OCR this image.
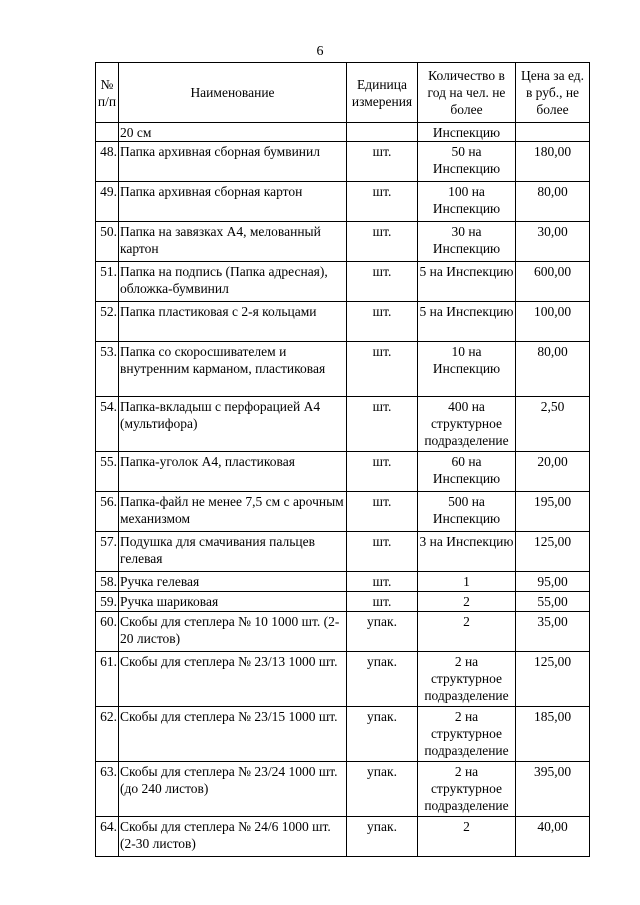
6
№ п/п	Наименование	Единица измерения	Количество в год на чел. не более	Цена за ед. в руб., не более
	20 см		Инспекцию	
48.	Папка архивная сборная бумвинил	шт.	50 на Инспекцию	180,00
49.	Папка архивная сборная картон	шт.	100 на Инспекцию	80,00
50.	Папка на завязках А4, мелованный картон	шт.	30 на Инспекцию	30,00
51.	Папка на подпись (Папка адресная), обложка-бумвинил	шт.	5 на Инспекцию	600,00
52.	Папка пластиковая с 2-я кольцами	шт.	5 на Инспекцию	100,00
53.	Папка со скоросшивателем и внутренним карманом, пластиковая	шт.	10 на Инспекцию	80,00
54.	Папка-вкладыш с перфорацией А4 (мультифора)	шт.	400 на структурное подразделение	2,50
55.	Папка-уголок А4, пластиковая	шт.	60 на Инспекцию	20,00
56.	Папка-файл не менее 7,5 см с арочным механизмом	шт.	500 на Инспекцию	195,00
57.	Подушка для смачивания пальцев гелевая	шт.	3 на Инспекцию	125,00
58.	Ручка гелевая	шт.	1	95,00
59.	Ручка шариковая	шт.	2	55,00
60.	Скобы для степлера № 10 1000 шт. (2-20 листов)	упак.	2	35,00
61.	Скобы для степлера № 23/13 1000 шт.	упак.	2 на структурное подразделение	125,00
62.	Скобы для степлера № 23/15 1000 шт.	упак.	2 на структурное подразделение	185,00
63.	Скобы для степлера № 23/24 1000 шт. (до 240 листов)	упак.	2 на структурное подразделение	395,00
64.	Скобы для степлера № 24/6 1000 шт. (2-30 листов)	упак.	2	40,00
